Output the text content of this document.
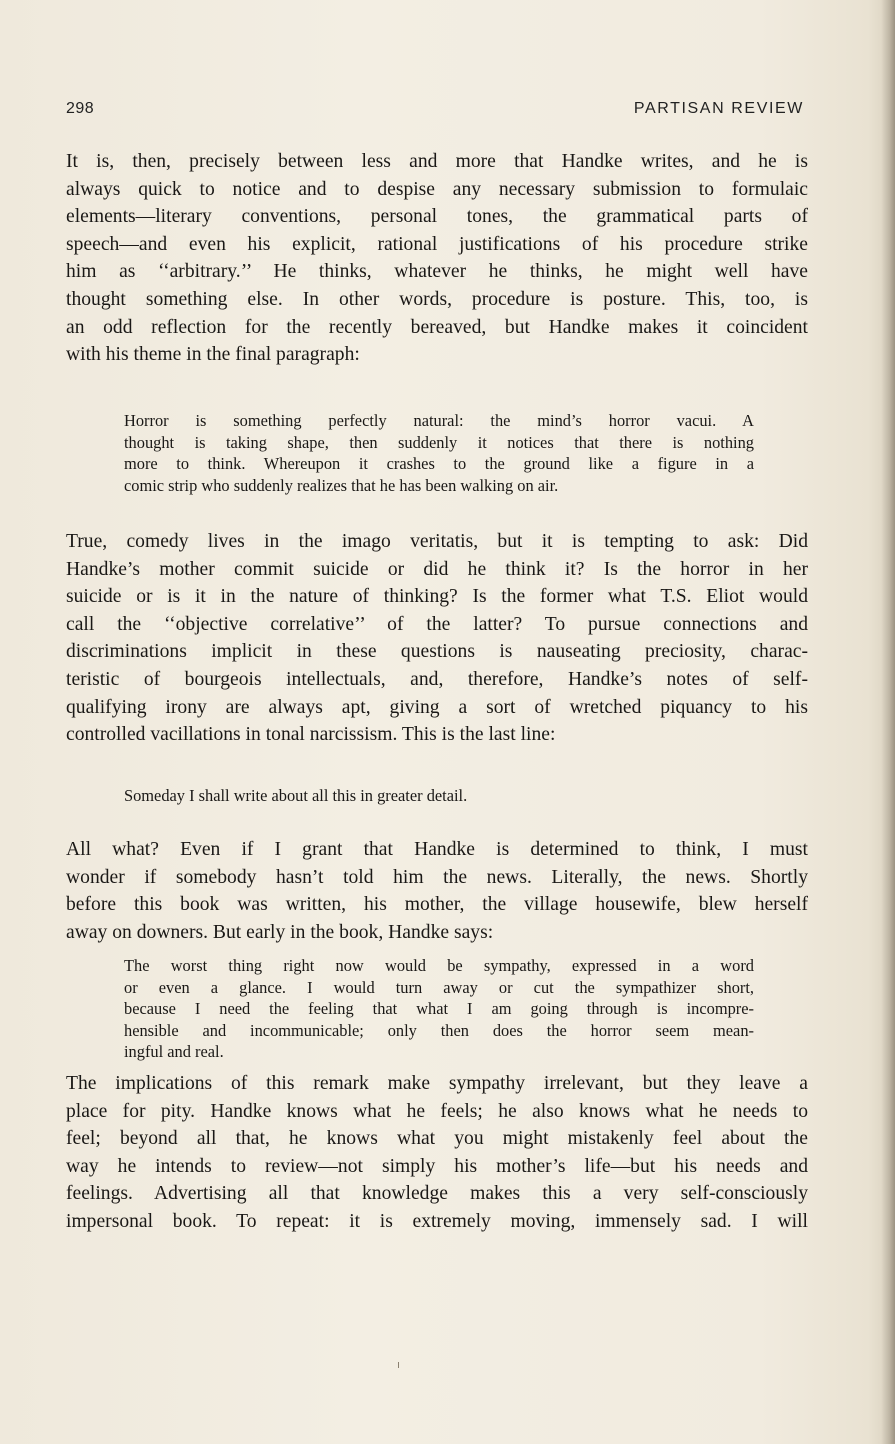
298	PARTISAN REVIEW
It is, then, precisely between less and more that Handke writes, and he is
always quick to notice and to despise any necessary submission to formulaic
elements—literary conventions, personal tones, the grammatical parts of
speech—and even his explicit, rational justifications of his procedure strike
him as ‘‘arbitrary.’’ He thinks, whatever he thinks, he might well have
thought something else. In other words, procedure is posture. This, too, is
an odd reflection for the recently bereaved, but Handke makes it coincident
with his theme in the final paragraph:
Horror is something perfectly natural: the mind’s horror vacui. A
thought is taking shape, then suddenly it notices that there is nothing
more to think. Whereupon it crashes to the ground like a figure in a
comic strip who suddenly realizes that he has been walking on air.
True, comedy lives in the imago veritatis, but it is tempting to ask: Did
Handke’s mother commit suicide or did he think it? Is the horror in her
suicide or is it in the nature of thinking? Is the former what T.S. Eliot would
call the ‘‘objective correlative’’ of the latter? To pursue connections and
discriminations implicit in these questions is nauseating preciosity, charac-
teristic of bourgeois intellectuals, and, therefore, Handke’s notes of self-
qualifying irony are always apt, giving a sort of wretched piquancy to his
controlled vacillations in tonal narcissism. This is the last line:
Someday I shall write about all this in greater detail.
All what? Even if I grant that Handke is determined to think, I must
wonder if somebody hasn’t told him the news. Literally, the news. Shortly
before this book was written, his mother, the village housewife, blew herself
away on downers. But early in the book, Handke says:
The worst thing right now would be sympathy, expressed in a word
or even a glance. I would turn away or cut the sympathizer short,
because I need the feeling that what I am going through is incompre-
hensible and incommunicable; only then does the horror seem mean-
ingful and real.
The implications of this remark make sympathy irrelevant, but they leave a
place for pity. Handke knows what he feels; he also knows what he needs to
feel; beyond all that, he knows what you might mistakenly feel about the
way he intends to review—not simply his mother’s life—but his needs and
feelings. Advertising all that knowledge makes this a very self-consciously
impersonal book. To repeat: it is extremely moving, immensely sad. I will
